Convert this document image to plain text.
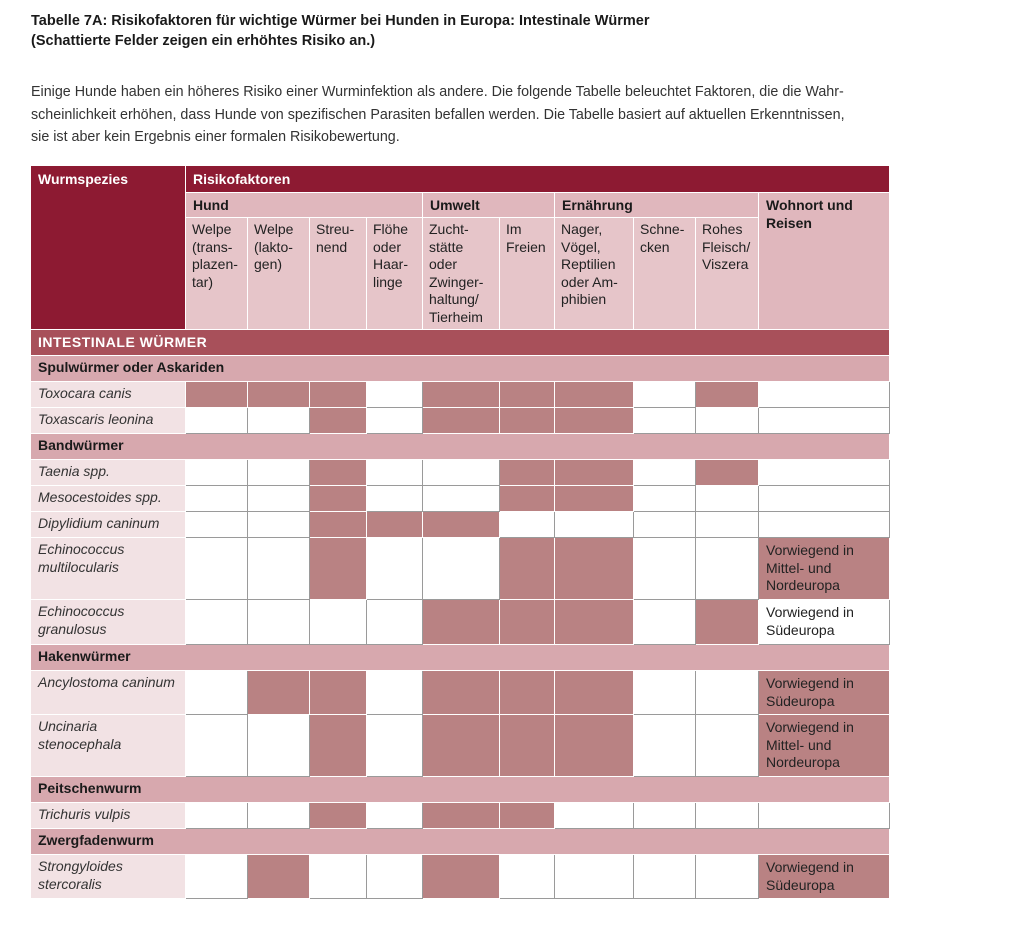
Tabelle 7A: Risikofaktoren für wichtige Würmer bei Hunden in Europa: Intestinale Würmer
(Schattierte Felder zeigen ein erhöhtes Risiko an.)
Einige Hunde haben ein höheres Risiko einer Wurminfektion als andere. Die folgende Tabelle beleuchtet Faktoren, die die Wahr-
scheinlichkeit erhöhen, dass Hunde von spezifischen Parasiten befallen werden. Die Tabelle basiert auf aktuellen Erkenntnissen,
sie ist aber kein Ergebnis einer formalen Risikobewertung.
Wurmspezies	Risikofaktoren									

	Hund				Umwelt		Ernährung			Wohnort und Reisen

	Welpe (trans-plazen-tar)	Welpe (lakto-gen)	Streu-nend	Flöhe oder Haar-linge	Zucht-stätte oder Zwinger-haltung/ Tierheim	Im Freien	Nager, Vögel, Reptilien oder Am-phibien	Schne-cken	Rohes Fleisch/ Viszera	

INTESTINALE WÜRMER										

Spulwürmer oder Askariden										

Toxocara canis										

Toxascaris leonina										

Bandwürmer										

Taenia spp.										

Mesocestoides spp.										

Dipylidium caninum										

Echinococcus multilocularis										Vorwiegend in Mittel- und Nordeuropa

Echinococcus granulosus										Vorwiegend in Südeuropa

Hakenwürmer										

Ancylostoma caninum										Vorwiegend in Südeuropa

Uncinaria stenocephala										Vorwiegend in Mittel- und Nordeuropa

Peitschenwurm										

Trichuris vulpis										

Zwergfadenwurm										

Strongyloides stercoralis										Vorwiegend in Südeuropa
